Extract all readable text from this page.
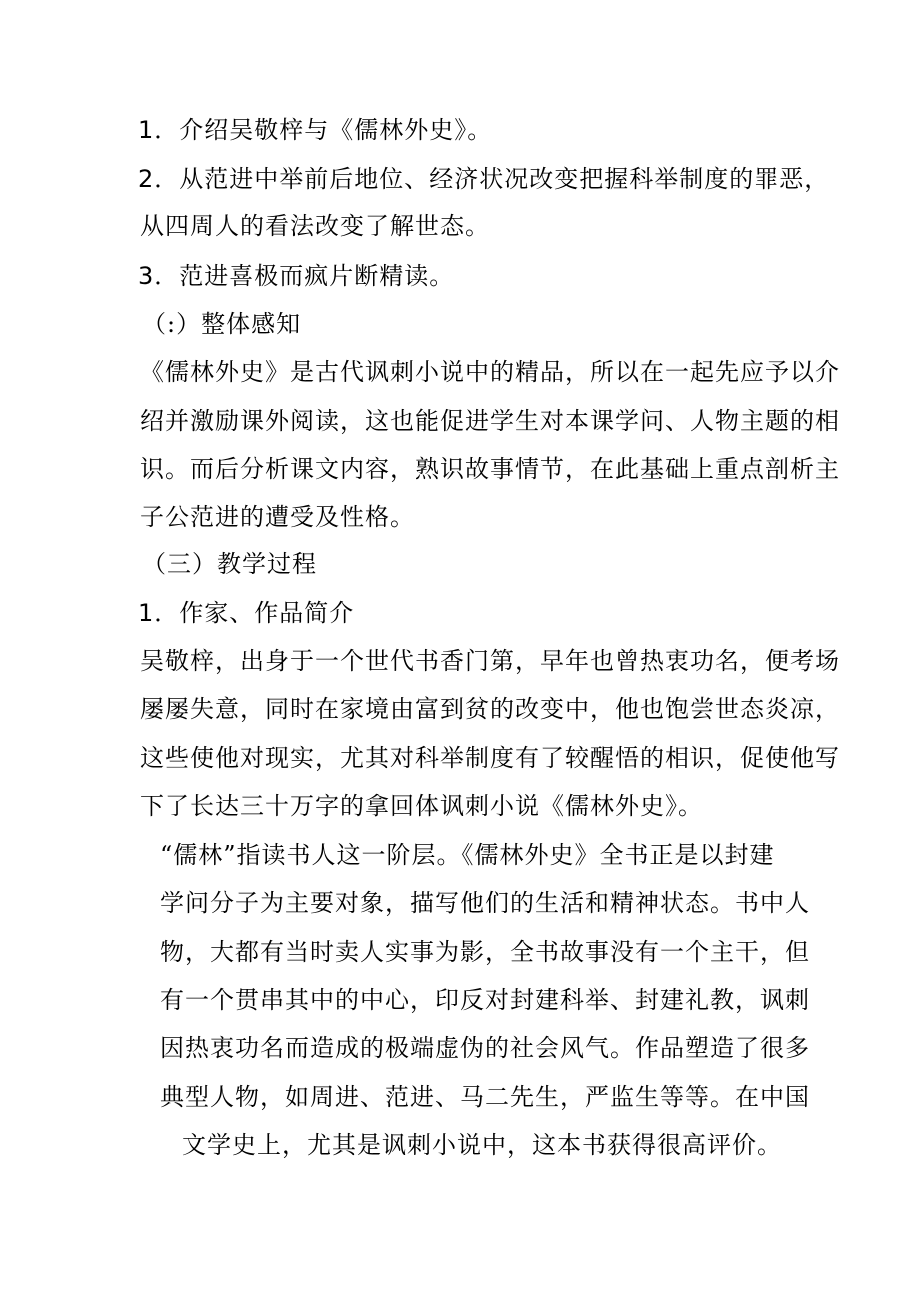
1．介绍吴敬梓与《儒林外史》。
2．从范进中举前后地位、经济状况改变把握科举制度的罪恶，
从四周人的看法改变了解世态。
3．范进喜极而疯片断精读。
（:）整体感知
《儒林外史》是古代讽刺小说中的精品，所以在一起先应予以介
绍并激励课外阅读，这也能促进学生对本课学问、人物主题的相
识。而后分析课文内容，熟识故事情节，在此基础上重点剖析主
子公范进的遭受及性格。
（三）教学过程
1．作家、作品简介
吴敬梓，出身于一个世代书香门第，早年也曾热衷功名，便考场
屡屡失意，同时在家境由富到贫的改变中，他也饱尝世态炎凉，
这些使他对现实，尤其对科举制度有了较醒悟的相识，促使他写
下了长达三十万字的拿回体讽刺小说《儒林外史》。
“儒林”指读书人这一阶层。《儒林外史》全书正是以封建
学问分子为主要对象，描写他们的生活和精神状态。书中人
物，大都有当时卖人实事为影，全书故事没有一个主干，但
有一个贯串其中的中心，印反对封建科举、封建礼教，讽刺
因热衷功名而造成的极端虚伪的社会风气。作品塑造了很多
典型人物，如周进、范进、马二先生，严监生等等。在中国
文学史上，尤其是讽刺小说中，这本书获得很高评价。
